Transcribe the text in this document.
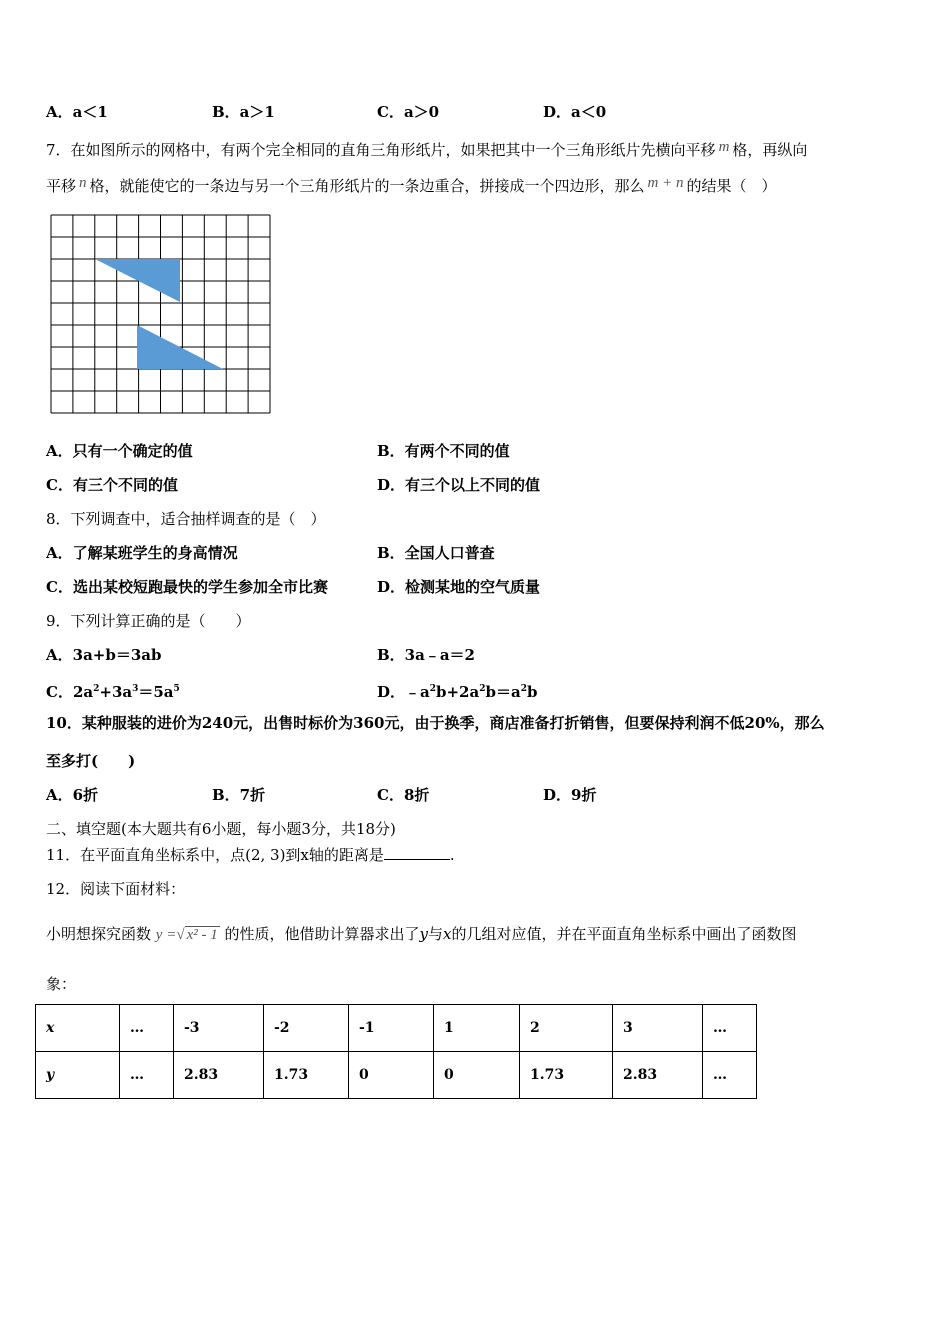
A．a＜1	B．a＞1	C．a＞0	D．a＜0
7．在如图所示的网格中，有两个完全相同的直角三角形纸片，如果把其中一个三角形纸片先横向平移 m 格，再纵向
平移 n 格，就能使它的一条边与另一个三角形纸片的一条边重合，拼接成一个四边形，那么 m + n 的结果（　）
A．只有一个确定的值	B．有两个不同的值
C．有三个不同的值	D．有三个以上不同的值
8．下列调查中，适合抽样调查的是（　）
A．了解某班学生的身高情况	B．全国人口普查
C．选出某校短跑最快的学生参加全市比赛	D．检测某地的空气质量
9．下列计算正确的是（　　）
A．3a+b＝3ab	B．3a﹣a＝2
C．$2a^2+3a^3=5a^5$	D．$﹣a^2b+2a^2b=a^2b$
10．某种服装的进价为240元，出售时标价为360元，由于换季，商店准备打折销售，但要保持利润不低20%，那么
至多打(　　)
A．6折	B．7折	C．8折	D．9折
二、填空题(本大题共有6小题，每小题3分，共18分)
11．在平面直角坐标系中，点(2, 3)到x轴的距离是	.
12．阅读下面材料：
小明想探究函数 y =√ x² - 1 的性质，他借助计算器求出了y与x的几组对应值，并在平面直角坐标系中画出了函数图
象：
x	…	-3	-2	-1	1	2	3	…
y	…	2.83	1.73	0	0	1.73	2.83	…
